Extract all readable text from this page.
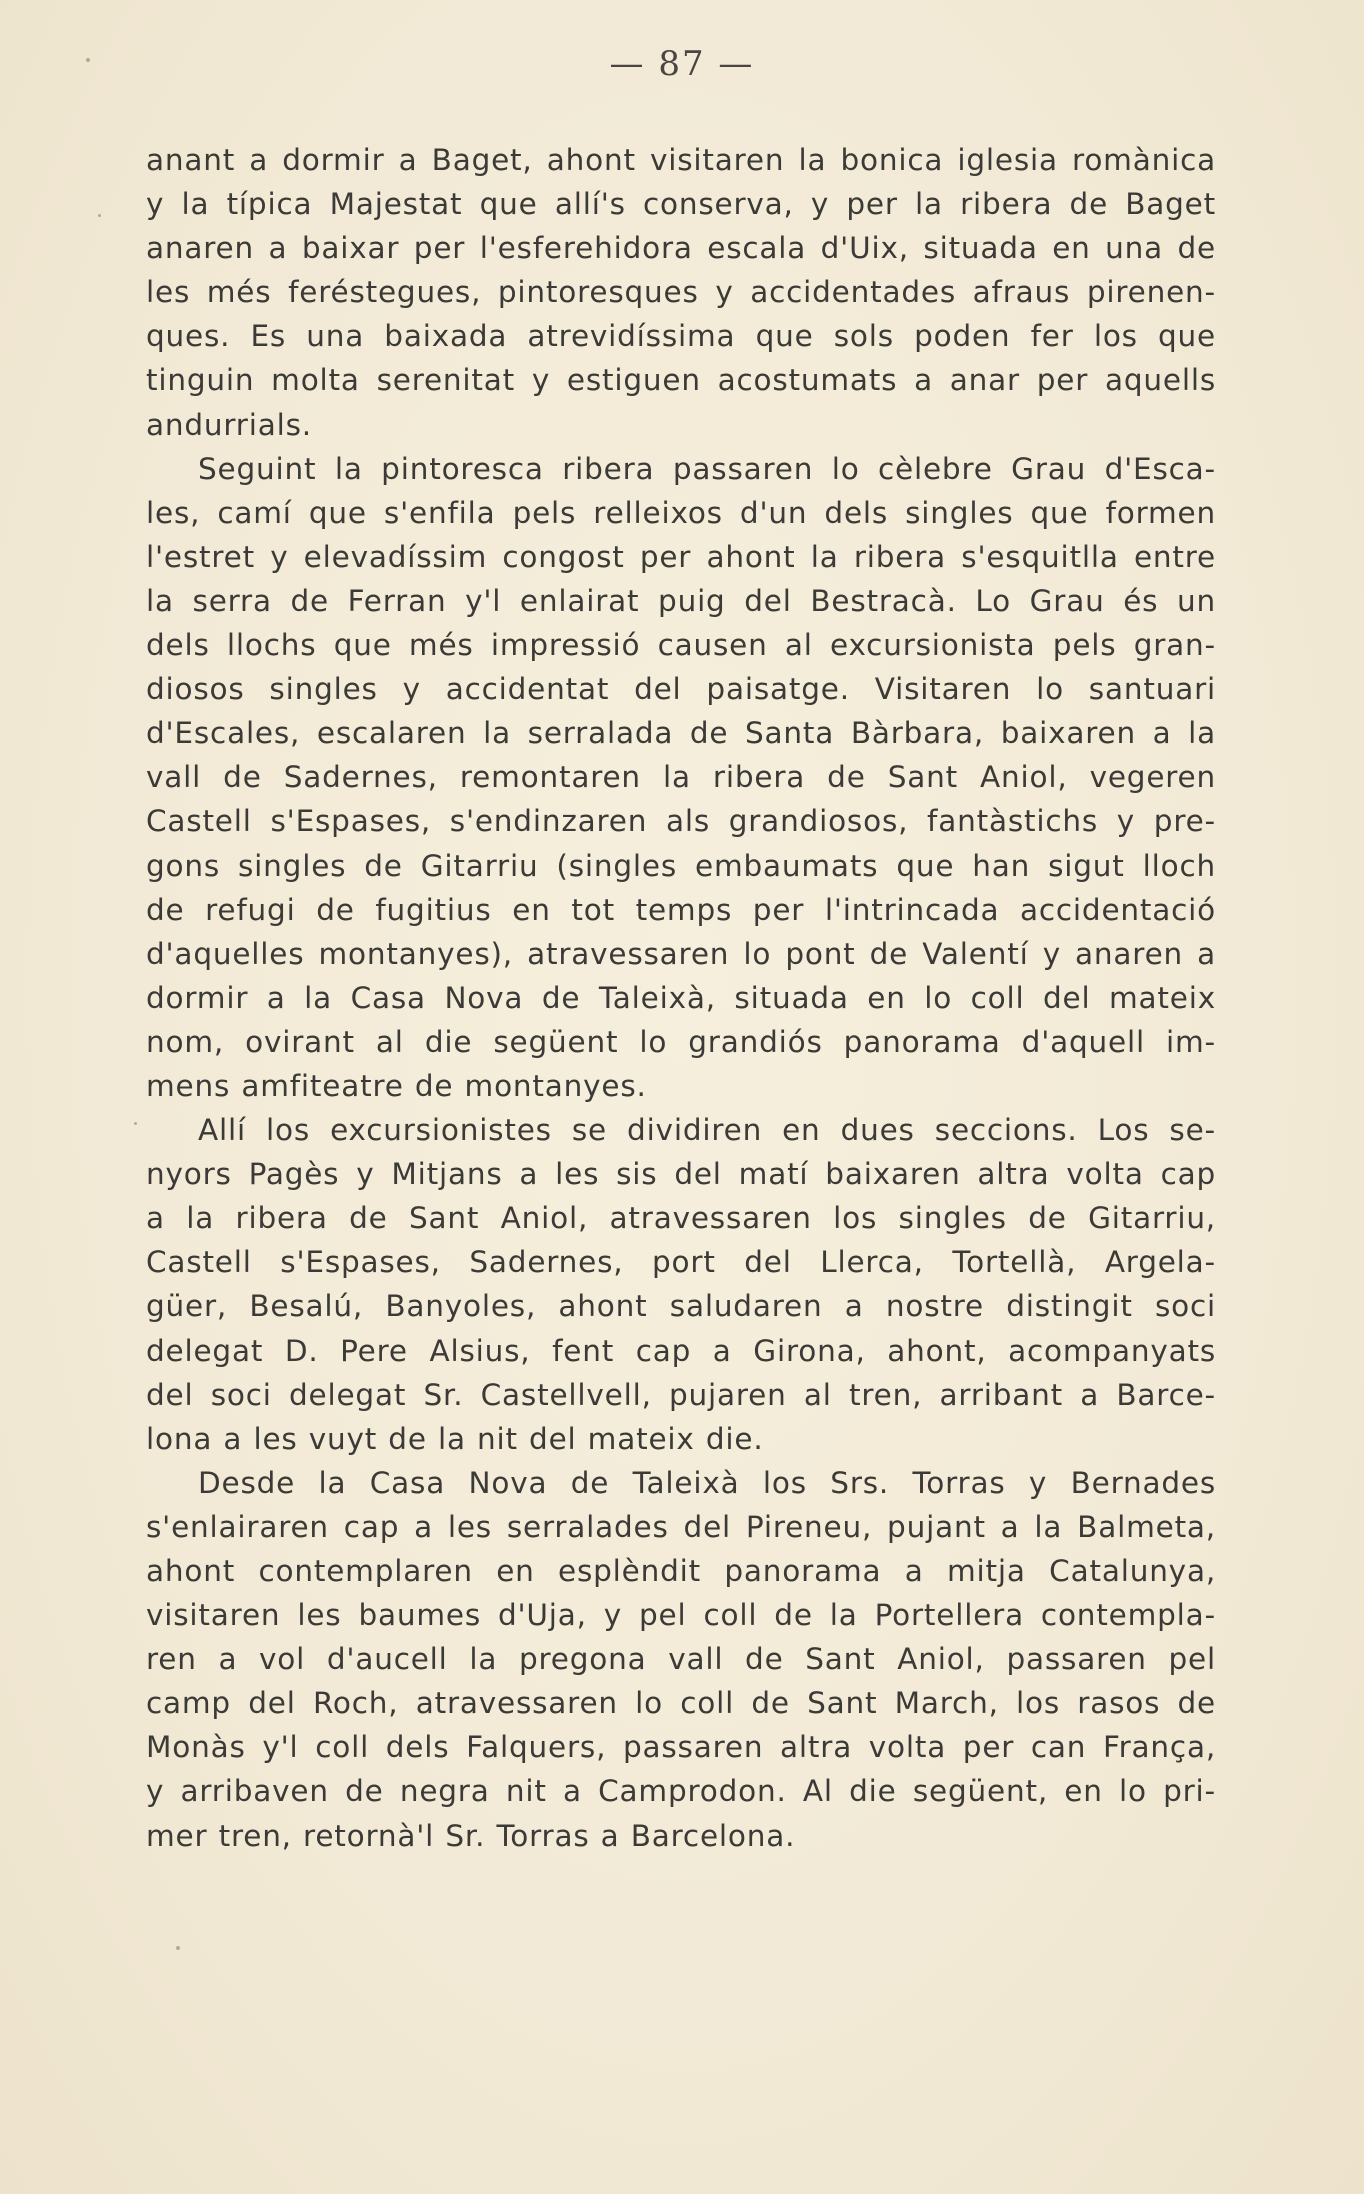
— 87 —
anant a dormir a Baget, ahont visitaren la bonica iglesia romànica
y la típica Majestat que allí's conserva, y per la ribera de Baget
anaren a baixar per l'esferehidora escala d'Uix, situada en una de
les més feréstegues, pintoresques y accidentades afraus pirenen-
ques. Es una baixada atrevidíssima que sols poden fer los que
tinguin molta serenitat y estiguen acostumats a anar per aquells
andurrials.
Seguint la pintoresca ribera passaren lo cèlebre Grau d'Esca-
les, camí que s'enfila pels relleixos d'un dels singles que formen
l'estret y elevadíssim congost per ahont la ribera s'esquitlla entre
la serra de Ferran y'l enlairat puig del Bestracà. Lo Grau és un
dels llochs que més impressió causen al excursionista pels gran-
diosos singles y accidentat del paisatge. Visitaren lo santuari
d'Escales, escalaren la serralada de Santa Bàrbara, baixaren a la
vall de Sadernes, remontaren la ribera de Sant Aniol, vegeren
Castell s'Espases, s'endinzaren als grandiosos, fantàstichs y pre-
gons singles de Gitarriu (singles embaumats que han sigut lloch
de refugi de fugitius en tot temps per l'intrincada accidentació
d'aquelles montanyes), atravessaren lo pont de Valentí y anaren a
dormir a la Casa Nova de Taleixà, situada en lo coll del mateix
nom, ovirant al die següent lo grandiós panorama d'aquell im-
mens amfiteatre de montanyes.
Allí los excursionistes se dividiren en dues seccions. Los se-
nyors Pagès y Mitjans a les sis del matí baixaren altra volta cap
a la ribera de Sant Aniol, atravessaren los singles de Gitarriu,
Castell s'Espases, Sadernes, port del Llerca, Tortellà, Argela-
güer, Besalú, Banyoles, ahont saludaren a nostre distingit soci
delegat D. Pere Alsius, fent cap a Girona, ahont, acompanyats
del soci delegat Sr. Castellvell, pujaren al tren, arribant a Barce-
lona a les vuyt de la nit del mateix die.
Desde la Casa Nova de Taleixà los Srs. Torras y Bernades
s'enlairaren cap a les serralades del Pireneu, pujant a la Balmeta,
ahont contemplaren en esplèndit panorama a mitja Catalunya,
visitaren les baumes d'Uja, y pel coll de la Portellera contempla-
ren a vol d'aucell la pregona vall de Sant Aniol, passaren pel
camp del Roch, atravessaren lo coll de Sant March, los rasos de
Monàs y'l coll dels Falquers, passaren altra volta per can França,
y arribaven de negra nit a Camprodon. Al die següent, en lo pri-
mer tren, retornà'l Sr. Torras a Barcelona.
